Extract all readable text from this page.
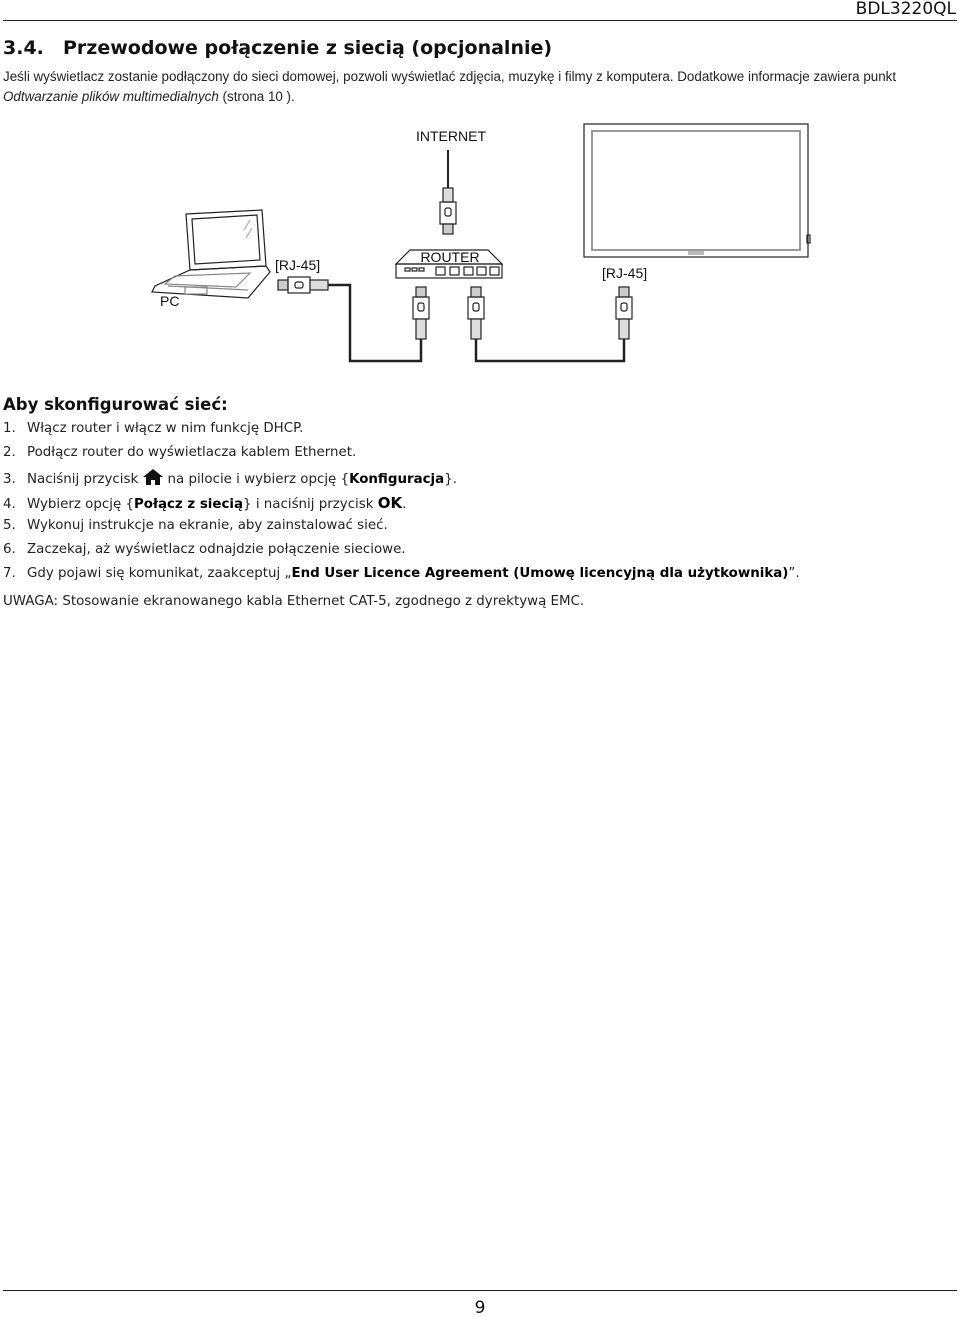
BDL3220QL
3.4. Przewodowe połączenie z siecią (opcjonalnie)
Jeśli wyświetlacz zostanie podłączony do sieci domowej, pozwoli wyświetlać zdjęcia, muzykę i filmy z komputera. Dodatkowe informacje zawiera punkt
Odtwarzanie plików multimedialnych (strona 10 ).
INTERNET
ROUTER
PC
[RJ-45]	[RJ-45]
Aby skonfigurować sieć:
1. Włącz router i włącz w nim funkcję DHCP.
2. Podłącz router do wyświetlacza kablem Ethernet.
3. Naciśnij przycisk na pilocie i wybierz opcję {Konfiguracja}.
4. Wybierz opcję {Połącz z siecią} i naciśnij przycisk OK.
5. Wykonuj instrukcje na ekranie, aby zainstalować sieć.
6. Zaczekaj, aż wyświetlacz odnajdzie połączenie sieciowe.
7. Gdy pojawi się komunikat, zaakceptuj „End User Licence Agreement (Umowę licencyjną dla użytkownika)”.
UWAGA: Stosowanie ekranowanego kabla Ethernet CAT-5, zgodnego z dyrektywą EMC.
9
